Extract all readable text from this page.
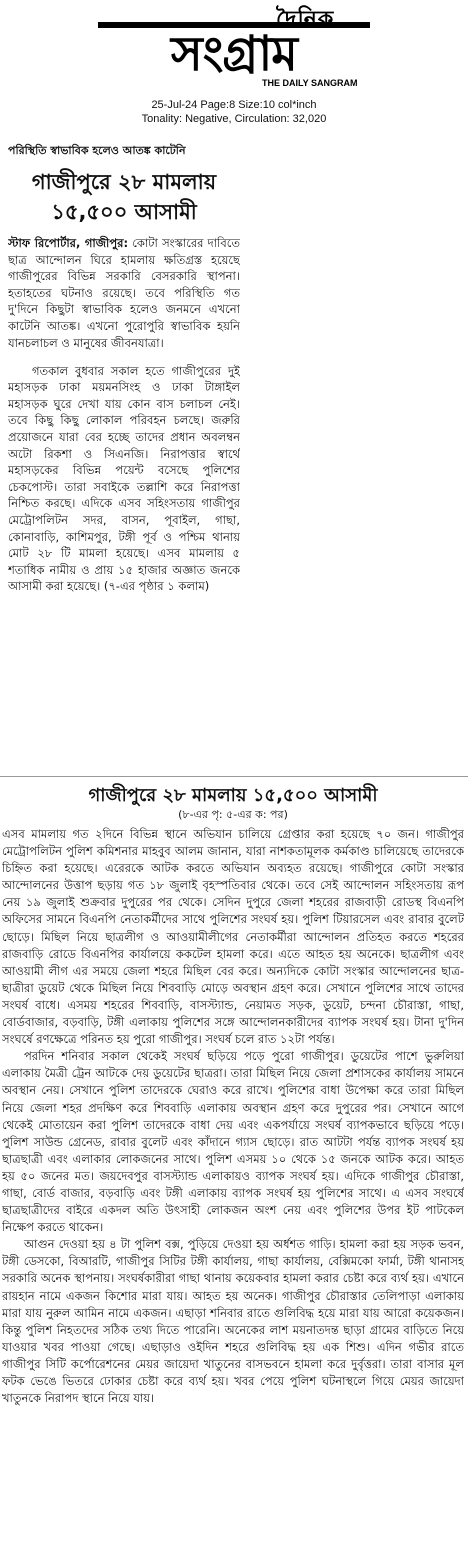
দৈনিক
সংগ্রাম
THE DAILY SANGRAM
25-Jul-24 Page:8 Size:10 col*inch
Tonality: Negative, Circulation: 32,020
পরিস্থিতি স্বাভাবিক হলেও আতঙ্ক কাটেনি
গাজীপুরে ২৮ মামলায়
১৫,৫০০ আসামী

স্টাফ রিপোর্টার, গাজীপুর: কোটা সংস্কারের দাবিতে ছাত্র আন্দোলন ঘিরে হামলায় ক্ষতিগ্রস্ত হয়েছে গাজীপুরের বিভিন্ন সরকারি বেসরকারি স্থাপনা। হতাহতের ঘটনাও রয়েছে। তবে পরিস্থিতি গত দু'দিনে কিছুটা স্বাভাবিক হলেও জনমনে এখনো কাটেনি আতঙ্ক। এখনো পুরোপুরি স্বাভাবিক হয়নি যানচলাচল ও মানুষের জীবনযাত্রা।

গতকাল বুধবার সকাল হতে গাজীপুরের দুই মহাসড়ক ঢাকা ময়মনসিংহ ও ঢাকা টাঙ্গাইল মহাসড়ক ঘুরে দেখা যায় কোন বাস চলাচল নেই। তবে কিছু কিছু লোকাল পরিবহন চলছে। জরুরি প্রয়োজনে যারা বের হচ্ছে তাদের প্রধান অবলম্বন অটো রিকশা ও সিএনজি। নিরাপত্তার স্বার্থে মহাসড়কের বিভিন্ন পয়েন্ট বসেছে পুলিশের চেকপোস্ট। তারা সবাইকে তল্লাশি করে নিরাপত্তা নিশ্চিত করছে। এদিকে এসব সহিংসতায় গাজীপুর মেট্রোপলিটন সদর, বাসন, পূবাইল, গাছা, কোনাবাড়ি, কাশিমপুর, টঙ্গী পূর্ব ও পশ্চিম থানায় মোট ২৮ টি মামলা হয়েছে। এসব মামলায় ৫ শতাধিক নামীয় ও প্রায় ১৫ হাজার অজ্ঞাত জনকে আসামী করা হয়েছে। (৭-এর পৃষ্ঠার ১ কলাম)

গাজীপুরে ২৮ মামলায় ১৫,৫০০ আসামী
(৮-এর পৃ: ৫-এর ক: পর)

এসব মামলায় গত ২দিনে বিভিন্ন স্থানে অভিযান চালিয়ে গ্রেপ্তার করা হয়েছে ৭০ জন। গাজীপুর মেট্রোপলিটন পুলিশ কমিশনার মাহবুব আলম জানান, যারা নাশকতামূলক কর্মকাণ্ড চালিয়েছে তাদেরকে চিহ্নিত করা হয়েছে। এরেরকে আটক করতে অভিযান অব্যহত রয়েছে। গাজীপুরে কোটা সংস্কার আন্দোলনের উত্তাপ ছড়ায় গত ১৮ জুলাই বৃহস্পতিবার থেকে। তবে সেই আন্দোলন সহিংসতায় রূপ নেয় ১৯ জুলাই শুক্রবার দুপুরের পর থেকে। সেদিন দুপুরে জেলা শহরের রাজবাড়ী রোডস্থ বিএনপি অফিসের সামনে বিএনপি নেতাকর্মীদের সাথে পুলিশের সংঘর্ষ হয়। পুলিশ টিয়ারসেল এবং রাবার বুলেট ছোড়ে। মিছিল নিয়ে ছাত্রলীগ ও আওয়ামীলীগের নেতাকর্মীরা আন্দোলন প্রতিহত করতে শহরের রাজবাড়ি রোডে বিএনপির কার্যালয়ে ককটেল হামলা করে। এতে আহত হয় অনেকে। ছাত্রলীগ এবং আওয়ামী লীগ এর সময়ে জেলা শহরে মিছিল বের করে। অন্যদিকে কোটা সংস্কার আন্দোলনের ছাত্র-ছাত্রীরা ডুয়েট থেকে মিছিল নিয়ে শিববাড়ি মোড়ে অবস্থান গ্রহণ করে। সেখানে পুলিশের সাথে তাদের সংঘর্ষ বাধে। এসময় শহরের শিববাড়ি, বাসস্ট্যান্ড, নেয়ামত সড়ক, ডুয়েট, চন্দনা চৌরাস্তা, গাছা, বোর্ডবাজার, বড়বাড়ি, টঙ্গী এলাকায় পুলিশের সঙ্গে আন্দোলনকারীদের ব্যাপক সংঘর্ষ হয়। টানা দু'দিন সংঘর্ষে রণক্ষেত্রে পরিনত হয় পুরো গাজীপুর। সংঘর্ষ চলে রাত ১২টা পর্যন্ত।

পরদিন শনিবার সকাল থেকেই সংঘর্ষ ছড়িয়ে পড়ে পুরো গাজীপুর। ডুয়েটের পাশে ভুরুলিয়া এলাকায় মৈত্রী ট্রেন আটকে দেয় ডুয়েটের ছাত্ররা। তারা মিছিল নিয়ে জেলা প্রশাসকের কার্যালয় সামনে অবস্থান নেয়। সেখানে পুলিশ তাদেরকে ঘেরাও করে রাখে। পুলিশের বাধা উপেক্ষা করে তারা মিছিল নিয়ে জেলা শহর প্রদক্ষিণ করে শিববাড়ি এলাকায় অবস্থান গ্রহণ করে দুপুরের পর। সেখানে আগে থেকেই মোতায়েন করা পুলিশ তাদেরকে বাধা দেয় এবং একপর্যায়ে সংঘর্ষ ব্যাপকভাবে ছড়িয়ে পড়ে। পুলিশ সাউন্ড গ্রেনেড, রাবার বুলেট এবং কাঁদানে গ্যাস ছোড়ে। রাত আটটা পর্যন্ত ব্যাপক সংঘর্ষ হয় ছাত্রছাত্রী এবং এলাকার লোকজনের সাথে। পুলিশ এসময় ১০ থেকে ১৫ জনকে আটক করে। আহত হয় ৫০ জনের মত। জয়দেবপুর বাসস্ট্যান্ড এলাকায়ও ব্যাপক সংঘর্ষ হয়। এদিকে গাজীপুর চৌরাস্তা, গাছা, বোর্ড বাজার, বড়বাড়ি এবং টঙ্গী এলাকায় ব্যাপক সংঘর্ষ হয় পুলিশের সাথে। এ এসব সংঘর্ষে ছাত্রছাত্রীদের বাইরে একদল অতি উৎসাহী লোকজন অংশ নেয় এবং পুলিশের উপর ইট পাটকেল নিক্ষেপ করতে থাকেন।

আগুন দেওয়া হয় ৪ টা পুলিশ বক্স, পুড়িয়ে দেওয়া হয় অর্ধশত গাড়ি। হামলা করা হয় সড়ক ভবন, টঙ্গী ডেসকো, বিআরটি, গাজীপুর সিটির টঙ্গী কার্যালয়, গাছা কার্যালয়, বেক্সিমকো ফার্মা, টঙ্গী থানাসহ সরকারি অনেক স্থাপনায়। সংঘর্ষকারীরা গাছা থানায় কয়েকবার হামলা করার চেষ্টা করে ব্যর্থ হয়। এখানে রায়হান নামে একজন কিশোর মারা যায়। আহত হয় অনেক। গাজীপুর চৌরাস্তার তেলিপাড়া এলাকায় মারা যায় নুরুল আমিন নামে একজন। এছাড়া শনিবার রাতে গুলিবিদ্ধ হয়ে মারা যায় আরো কয়েকজন। কিন্তু পুলিশ নিহতদের সঠিক তথ্য দিতে পারেনি। অনেকের লাশ ময়নাতদন্ত ছাড়া গ্রামের বাড়িতে নিয়ে যাওয়ার খবর পাওয়া গেছে। এছাড়াও ওইদিন শহরে গুলিবিদ্ধ হয় এক শিশু। এদিন গভীর রাতে গাজীপুর সিটি কর্পোরেশনের মেয়র জায়েদা খাতুনের বাসভবনে হামলা করে দুর্বৃত্তরা। তারা বাসার মূল ফটক ভেঙে ভিতরে ঢোকার চেষ্টা করে ব্যর্থ হয়। খবর পেয়ে পুলিশ ঘটনাস্থলে গিয়ে মেয়র জায়েদা খাতুনকে নিরাপদ স্থানে নিয়ে যায়।
